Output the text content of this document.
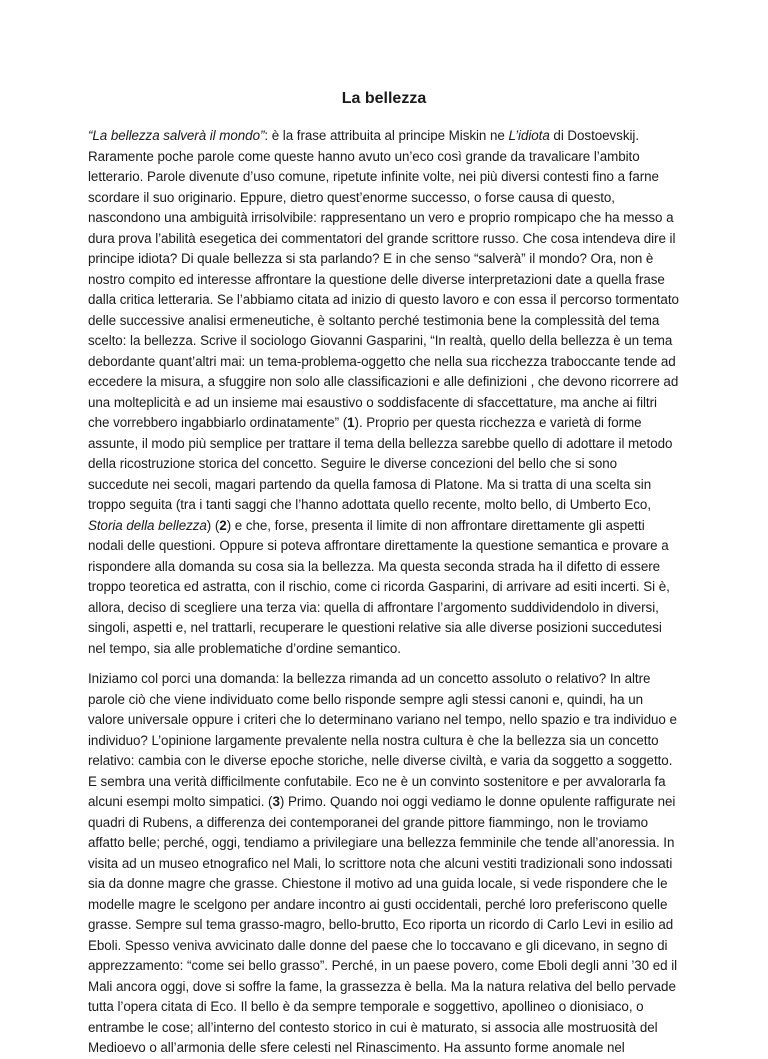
La bellezza

“La bellezza salverà il mondo”: è la frase attribuita al principe Miskin ne L’idiota di Dostoevskij. Raramente poche parole come queste hanno avuto un’eco così grande da travalicare l’ambito letterario. Parole divenute d’uso comune, ripetute infinite volte, nei più diversi contesti fino a farne scordare il suo originario. Eppure, dietro quest’enorme successo, o forse causa di questo, nascondono una ambiguità irrisolvibile: rappresentano un vero e proprio rompicapo che ha messo a dura prova l’abilità esegetica dei commentatori del grande scrittore russo. Che cosa intendeva dire il principe idiota? Di quale bellezza si sta parlando? E in che senso “salverà” il mondo? Ora, non è nostro compito ed interesse affrontare la questione delle diverse interpretazioni date a quella frase dalla critica letteraria. Se l’abbiamo citata ad inizio di questo lavoro e con essa il percorso tormentato delle successive analisi ermeneutiche, è soltanto perché testimonia bene la complessità del tema scelto: la bellezza. Scrive il sociologo Giovanni Gasparini, “In realtà, quello della bellezza è un tema debordante quant’altri mai: un tema-problema-oggetto che nella sua ricchezza traboccante tende ad eccedere la misura, a sfuggire non solo alle classificazioni e alle definizioni , che devono ricorrere ad una molteplicità e ad un insieme mai esaustivo o soddisfacente di sfaccettature, ma anche ai filtri che vorrebbero ingabbiarlo ordinatamente” (1). Proprio per questa ricchezza e varietà di forme assunte, il modo più semplice per trattare il tema della bellezza sarebbe quello di adottare il metodo della ricostruzione storica del concetto. Seguire le diverse concezioni del bello che si sono succedute nei secoli, magari partendo da quella famosa di Platone. Ma si tratta di una scelta sin troppo seguita (tra i tanti saggi che l’hanno adottata quello recente, molto bello, di Umberto Eco, Storia della bellezza) (2) e che, forse, presenta il limite di non affrontare direttamente gli aspetti nodali delle questioni. Oppure si poteva affrontare direttamente la questione semantica e provare a rispondere alla domanda su cosa sia la bellezza. Ma questa seconda strada ha il difetto di essere troppo teoretica ed astratta, con il rischio, come ci ricorda Gasparini, di arrivare ad esiti incerti. Si è, allora, deciso di scegliere una terza via: quella di affrontare l’argomento suddividendolo in diversi, singoli, aspetti e, nel trattarli, recuperare le questioni relative sia alle diverse posizioni succedutesi nel tempo, sia alle problematiche d’ordine semantico.

Iniziamo col porci una domanda: la bellezza rimanda ad un concetto assoluto o relativo? In altre parole ciò che viene individuato come bello risponde sempre agli stessi canoni e, quindi, ha un valore universale oppure i criteri che lo determinano variano nel tempo, nello spazio e tra individuo e individuo? L’opinione largamente prevalente nella nostra cultura è che la bellezza sia un concetto relativo: cambia con le diverse epoche storiche, nelle diverse civiltà, e varia da soggetto a soggetto. E sembra una verità difficilmente confutabile. Eco ne è un convinto sostenitore e per avvalorarla fa alcuni esempi molto simpatici. (3) Primo. Quando noi oggi vediamo le donne opulente raffigurate nei quadri di Rubens, a differenza dei contemporanei del grande pittore fiammingo, non le troviamo affatto belle; perché, oggi, tendiamo a privilegiare una bellezza femminile che tende all’anoressia. In visita ad un museo etnografico nel Mali, lo scrittore nota che alcuni vestiti tradizionali sono indossati sia da donne magre che grasse. Chiestone il motivo ad una guida locale, si vede rispondere che le modelle magre le scelgono per andare incontro ai gusti occidentali, perché loro preferiscono quelle grasse. Sempre sul tema grasso-magro, bello-brutto, Eco riporta un ricordo di Carlo Levi in esilio ad Eboli. Spesso veniva avvicinato dalle donne del paese che lo toccavano e gli dicevano, in segno di apprezzamento: “come sei bello grasso”. Perché, in un paese povero, come Eboli degli anni ’30 ed il Mali ancora oggi, dove si soffre la fame, la grassezza è bella. Ma la natura relativa del bello pervade tutta l’opera citata di Eco. Il bello è da sempre temporale e soggettivo, apollineo o dionisiaco, o entrambe le cose; all’interno del contesto storico in cui è maturato, si associa alle mostruosità del Medioevo o all’armonia delle sfere celesti nel Rinascimento. Ha assunto forme anomale nel
